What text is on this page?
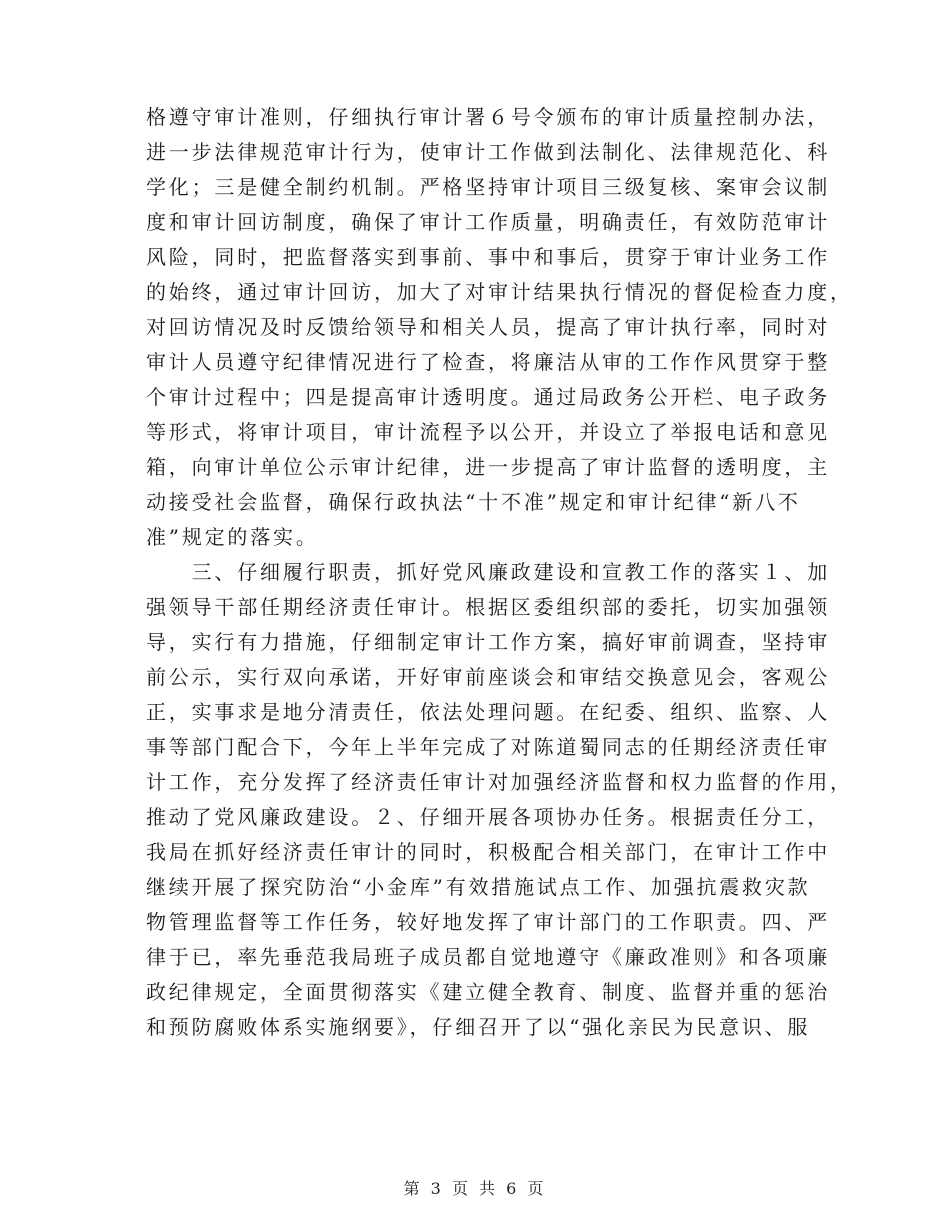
格遵守审计准则，仔细执行审计署６号令颁布的审计质量控制办法，
进一步法律规范审计行为，使审计工作做到法制化、法律规范化、科
学化；三是健全制约机制。严格坚持审计项目三级复核、案审会议制
度和审计回访制度，确保了审计工作质量，明确责任，有效防范审计
风险，同时，把监督落实到事前、事中和事后，贯穿于审计业务工作
的始终，通过审计回访，加大了对审计结果执行情况的督促检查力度，
对回访情况及时反馈给领导和相关人员，提高了审计执行率，同时对
审计人员遵守纪律情况进行了检查，将廉洁从审的工作作风贯穿于整
个审计过程中；四是提高审计透明度。通过局政务公开栏、电子政务
等形式，将审计项目，审计流程予以公开，并设立了举报电话和意见
箱，向审计单位公示审计纪律，进一步提高了审计监督的透明度，主
动接受社会监督，确保行政执法“十不准”规定和审计纪律“新八不
准”规定的落实。
　　三、仔细履行职责，抓好党风廉政建设和宣教工作的落实１、加
强领导干部任期经济责任审计。根据区委组织部的委托，切实加强领
导，实行有力措施，仔细制定审计工作方案，搞好审前调查，坚持审
前公示，实行双向承诺，开好审前座谈会和审结交换意见会，客观公
正，实事求是地分清责任，依法处理问题。在纪委、组织、监察、人
事等部门配合下，今年上半年完成了对陈道蜀同志的任期经济责任审
计工作，充分发挥了经济责任审计对加强经济监督和权力监督的作用，
推动了党风廉政建设。２、仔细开展各项协办任务。根据责任分工，
我局在抓好经济责任审计的同时，积极配合相关部门，在审计工作中
继续开展了探究防治“小金库”有效措施试点工作、加强抗震救灾款
物管理监督等工作任务，较好地发挥了审计部门的工作职责。四、严
律于已，率先垂范我局班子成员都自觉地遵守《廉政准则》和各项廉
政纪律规定，全面贯彻落实《建立健全教育、制度、监督并重的惩治
和预防腐败体系实施纲要》，仔细召开了以“强化亲民为民意识、服
第 3 页 共 6 页
